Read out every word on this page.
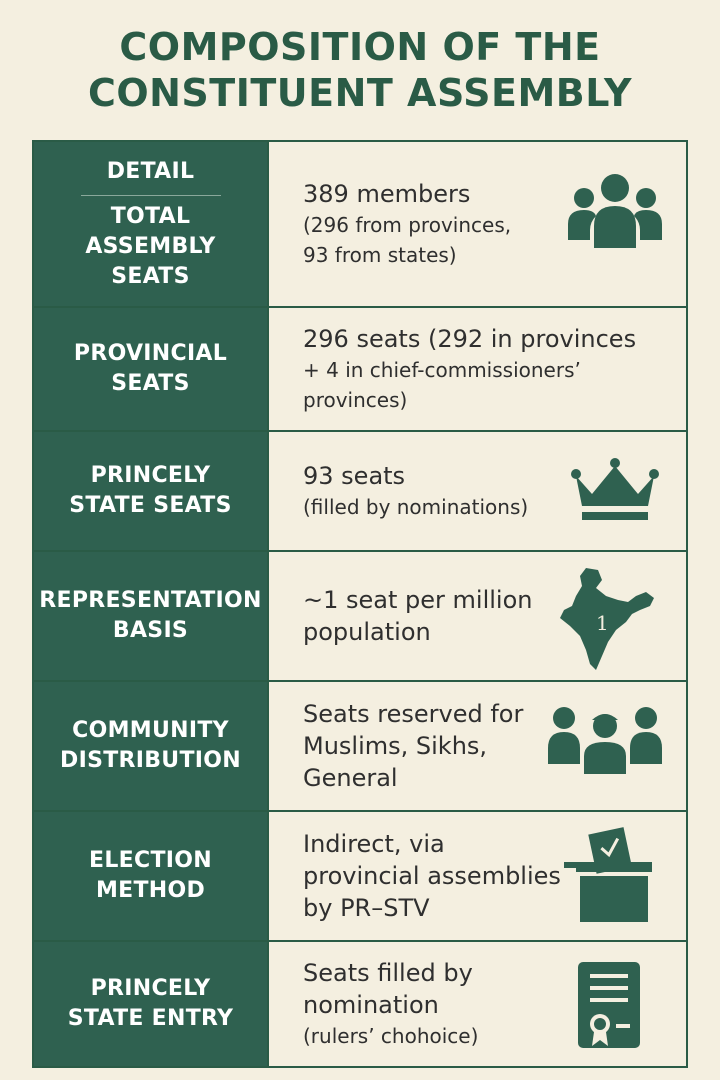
COMPOSITION OF THE
CONSTITUENT ASSEMBLY
DETAIL
TOTAL
ASSEMBLY
SEATS
389 members
(296 from provinces,
93 from states)
PROVINCIAL
SEATS
296 seats (292 in provinces
+ 4 in chief-commissioners’
provinces)
PRINCELY
STATE SEATS
93 seats
(filled by nominations)
REPRESENTATION
BASIS
~1 seat per million
population	1
COMMUNITY
DISTRIBUTION
Seats reserved for
Muslims, Sikhs,
General
ELECTION
METHOD
Indirect, via
provincial assemblies
by PR–STV
PRINCELY
STATE ENTRY
Seats filled by
nomination
(rulers’ chohoice)
